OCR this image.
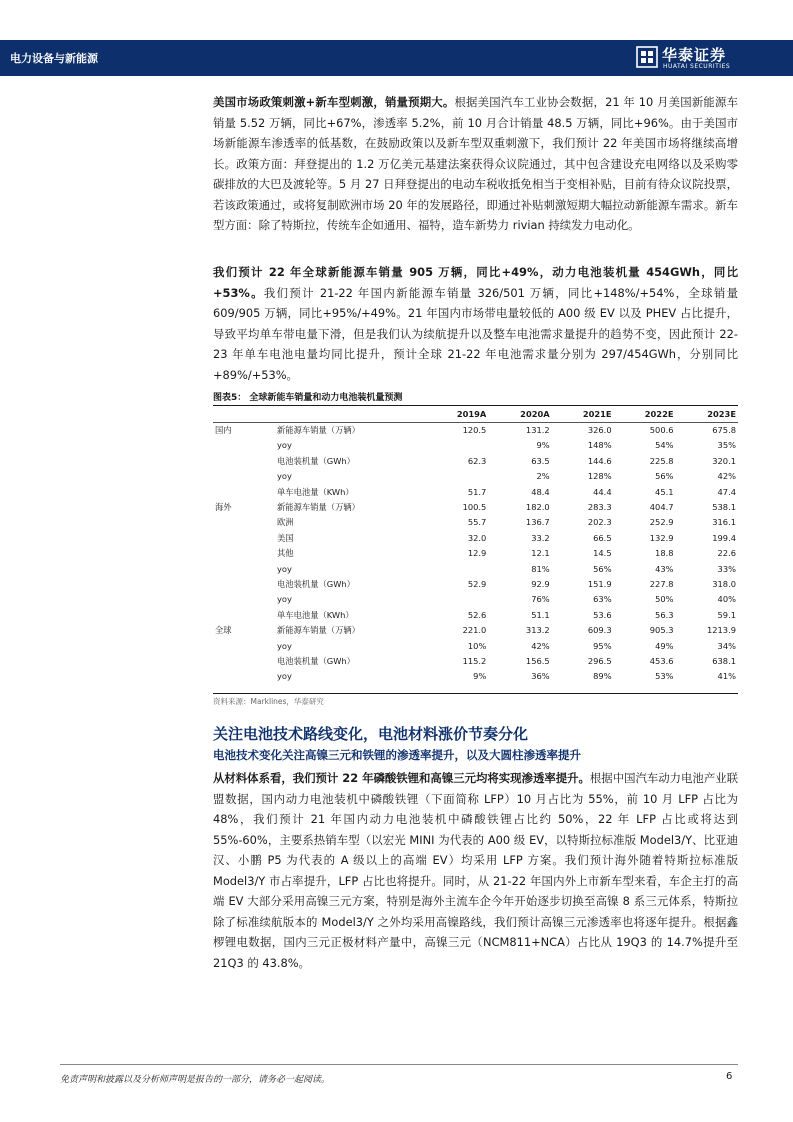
电力设备与新能源	华泰证券
HUATAI SECURITIES
美国市场政策刺激+新车型刺激，销量预期大。根据美国汽车工业协会数据，21 年 10 月美国新能源车销量 5.52 万辆，同比+67%，渗透率 5.2%，前 10 月合计销量 48.5 万辆，同比+96%。由于美国市场新能源车渗透率的低基数，在鼓励政策以及新车型双重刺激下，我们预计 22 年美国市场将继续高增长。政策方面：拜登提出的 1.2 万亿美元基建法案获得众议院通过，其中包含建设充电网络以及采购零碳排放的大巴及渡轮等。5 月 27 日拜登提出的电动车税收抵免相当于变相补贴，目前有待众议院投票，若该政策通过，或将复制欧洲市场 20 年的发展路径，即通过补贴刺激短期大幅拉动新能源车需求。新车型方面：除了特斯拉，传统车企如通用、福特，造车新势力 rivian 持续发力电动化。
我们预计 22 年全球新能源车销量 905 万辆，同比+49%，动力电池装机量 454GWh，同比+53%。我们预计 21-22 年国内新能源车销量 326/501 万辆，同比+148%/+54%，全球销量 609/905 万辆，同比+95%/+49%。21 年国内市场带电量较低的 A00 级 EV 以及 PHEV 占比提升，导致平均单车带电量下滑，但是我们认为续航提升以及整车电池需求量提升的趋势不变，因此预计 22-23 年单车电池电量均同比提升，预计全球 21-22 年电池需求量分别为 297/454GWh，分别同比+89%/+53%。
图表5： 全球新能车销量和动力电池装机量预测
		2019A	2020A	2021E	2022E	2023E
国内	新能源车销量（万辆）	120.5	131.2	326.0	500.6	675.8
	yoy		9%	148%	54%	35%
	电池装机量（GWh）	62.3	63.5	144.6	225.8	320.1
	yoy		2%	128%	56%	42%
	单车电池量（KWh）	51.7	48.4	44.4	45.1	47.4
海外	新能源车销量（万辆）	100.5	182.0	283.3	404.7	538.1
	欧洲	55.7	136.7	202.3	252.9	316.1
	美国	32.0	33.2	66.5	132.9	199.4
	其他	12.9	12.1	14.5	18.8	22.6
	yoy		81%	56%	43%	33%
	电池装机量（GWh）	52.9	92.9	151.9	227.8	318.0
	yoy		76%	63%	50%	40%
	单车电池量（KWh）	52.6	51.1	53.6	56.3	59.1
全球	新能源车销量（万辆）	221.0	313.2	609.3	905.3	1213.9
	yoy	10%	42%	95%	49%	34%
	电池装机量（GWh）	115.2	156.5	296.5	453.6	638.1
	yoy	9%	36%	89%	53%	41%
资料来源：Marklines，华泰研究
关注电池技术路线变化，电池材料涨价节奏分化
电池技术变化关注高镍三元和铁锂的渗透率提升，以及大圆柱渗透率提升
从材料体系看，我们预计 22 年磷酸铁锂和高镍三元均将实现渗透率提升。根据中国汽车动力电池产业联盟数据，国内动力电池装机中磷酸铁锂（下面简称 LFP）10 月占比为 55%，前 10 月 LFP 占比为 48%，我们预计 21 年国内动力电池装机中磷酸铁锂占比约 50%，22 年 LFP 占比或将达到 55%-60%，主要系热销车型（以宏光 MINI 为代表的 A00 级 EV，以特斯拉标准版 Model3/Y、比亚迪汉、小鹏 P5 为代表的 A 级以上的高端 EV）均采用 LFP 方案。我们预计海外随着特斯拉标准版 Model3/Y 市占率提升，LFP 占比也将提升。同时，从 21-22 年国内外上市新车型来看，车企主打的高端 EV 大部分采用高镍三元方案，特别是海外主流车企今年开始逐步切换至高镍 8 系三元体系，特斯拉除了标准续航版本的 Model3/Y 之外均采用高镍路线，我们预计高镍三元渗透率也将逐年提升。根据鑫椤锂电数据，国内三元正极材料产量中，高镍三元（NCM811+NCA）占比从 19Q3 的 14.7%提升至 21Q3 的 43.8%。
免责声明和披露以及分析师声明是报告的一部分，请务必一起阅读。	6
